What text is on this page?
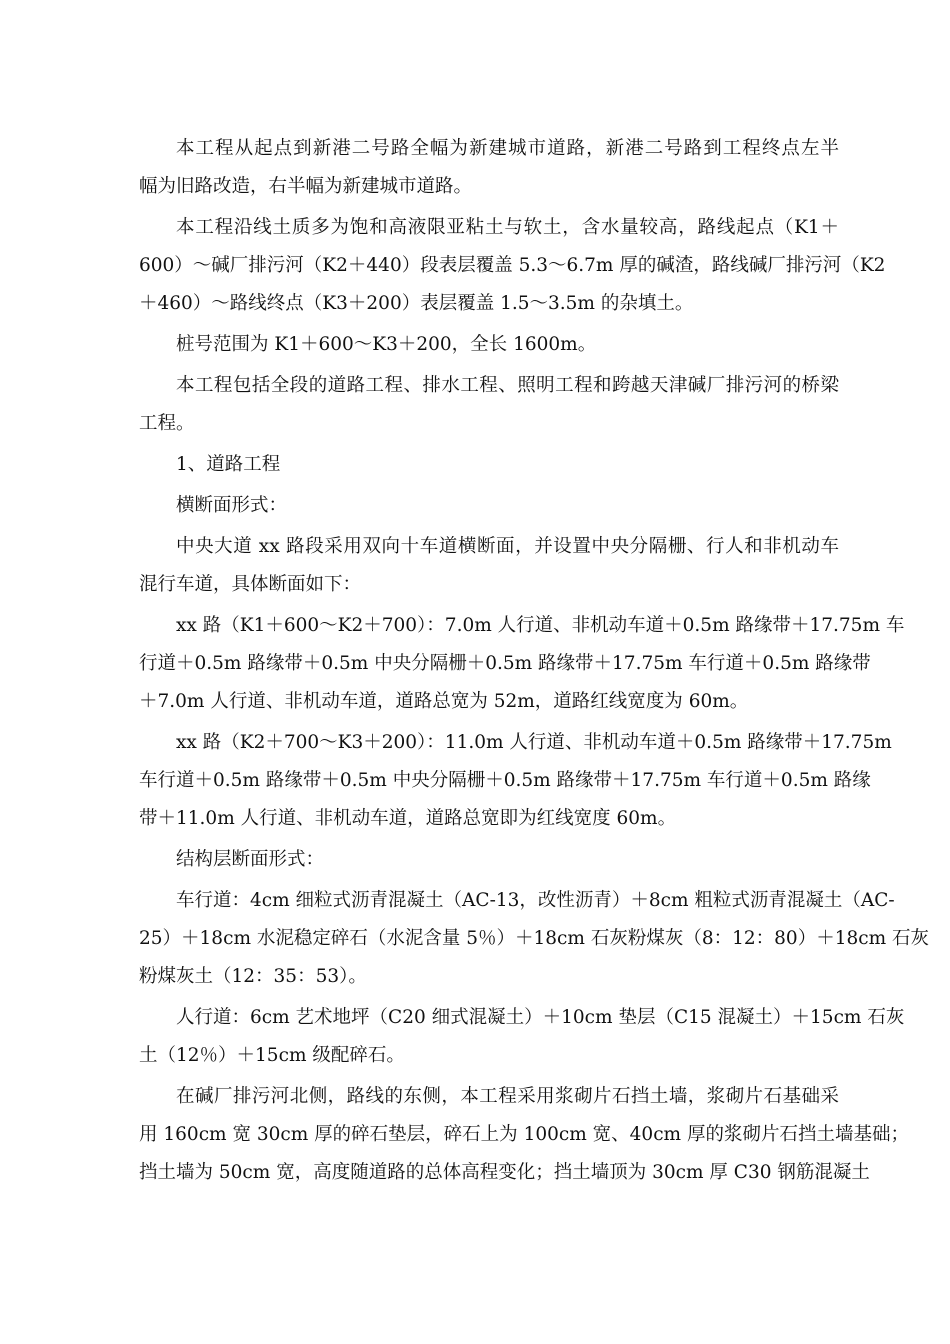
本工程从起点到新港二号路全幅为新建城市道路，新港二号路到工程终点左半
幅为旧路改造，右半幅为新建城市道路。
本工程沿线土质多为饱和高液限亚粘土与软土，含水量较高，路线起点（K1＋
600）～碱厂排污河（K2＋440）段表层覆盖 5.3～6.7m 厚的碱渣，路线碱厂排污河（K2
＋460）～路线终点（K3＋200）表层覆盖 1.5～3.5m 的杂填土。
桩号范围为 K1＋600～K3＋200，全长 1600m。
本工程包括全段的道路工程、排水工程、照明工程和跨越天津碱厂排污河的桥梁
工程。
1、道路工程
横断面形式：
中央大道 xx 路段采用双向十车道横断面，并设置中央分隔栅、行人和非机动车
混行车道，具体断面如下：
xx 路（K1＋600～K2＋700）：7.0m 人行道、非机动车道＋0.5m 路缘带＋17.75m 车
行道＋0.5m 路缘带＋0.5m 中央分隔栅＋0.5m 路缘带＋17.75m 车行道＋0.5m 路缘带
＋7.0m 人行道、非机动车道，道路总宽为 52m，道路红线宽度为 60m。
xx 路（K2＋700～K3＋200）：11.0m 人行道、非机动车道＋0.5m 路缘带＋17.75m
车行道＋0.5m 路缘带＋0.5m 中央分隔栅＋0.5m 路缘带＋17.75m 车行道＋0.5m 路缘
带＋11.0m 人行道、非机动车道，道路总宽即为红线宽度 60m。
结构层断面形式：
车行道：4cm 细粒式沥青混凝土（AC-13，改性沥青）＋8cm 粗粒式沥青混凝土（AC-
25）＋18cm 水泥稳定碎石（水泥含量 5％）＋18cm 石灰粉煤灰（8：12：80）＋18cm 石灰
粉煤灰土（12：35：53）。
人行道：6cm 艺术地坪（C20 细式混凝土）＋10cm 垫层（C15 混凝土）＋15cm 石灰
土（12％）＋15cm 级配碎石。
在碱厂排污河北侧，路线的东侧，本工程采用浆砌片石挡土墙，浆砌片石基础采
用 160cm 宽 30cm 厚的碎石垫层，碎石上为 100cm 宽、40cm 厚的浆砌片石挡土墙基础；
挡土墙为 50cm 宽，高度随道路的总体高程变化；挡土墙顶为 30cm 厚 C30 钢筋混凝土
